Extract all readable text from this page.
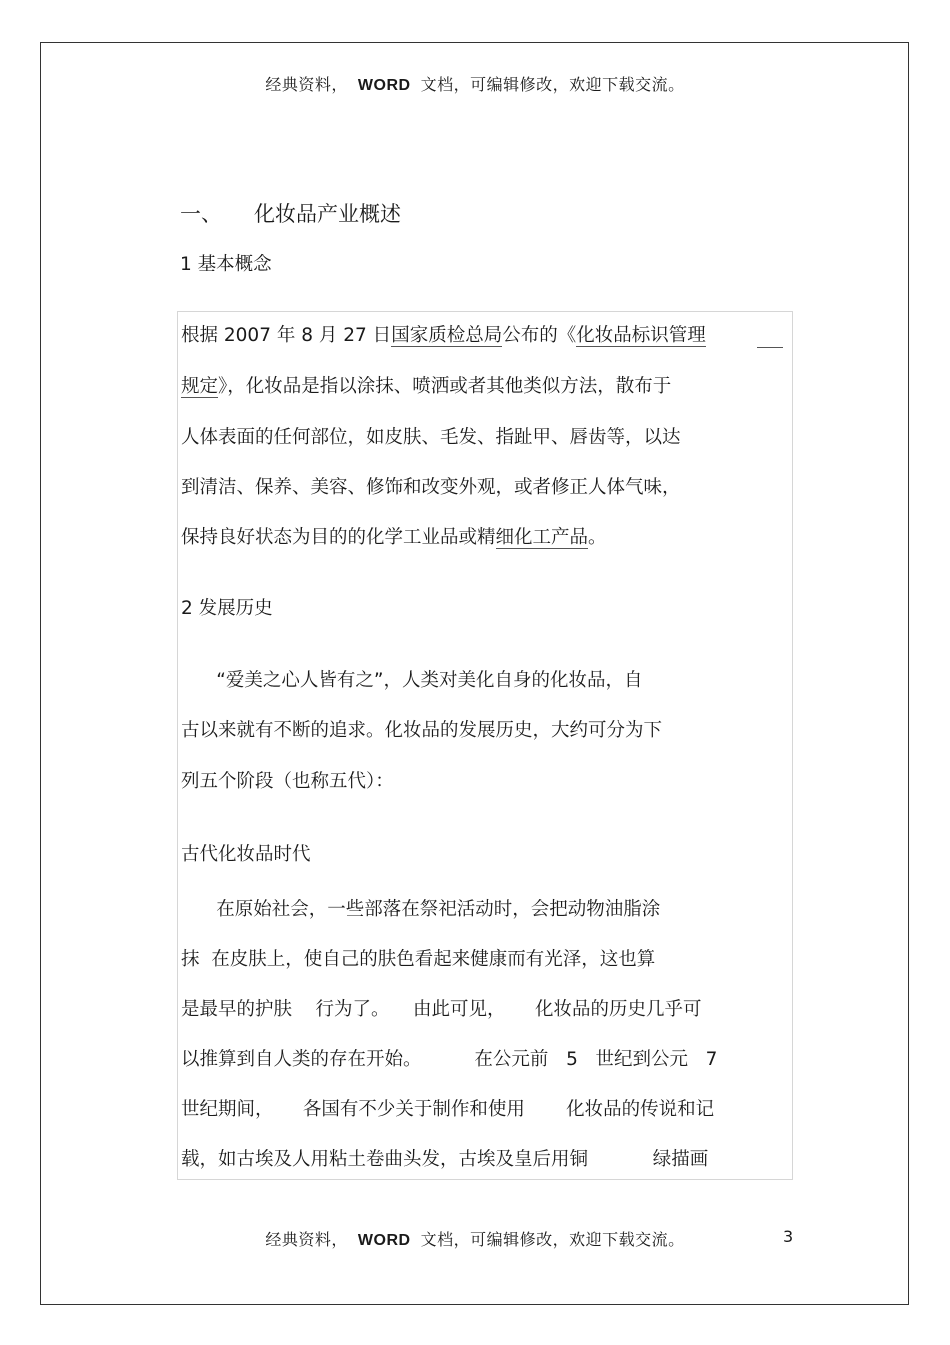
经典资料， WORD 文档，可编辑修改，欢迎下载交流。
一、 化妆品产业概述
1 基本概念
根据 2007 年 8 月 27 日国家质检总局公布的《化妆品标识管理
规定》，化妆品是指以涂抹、喷洒或者其他类似方法，散布于
人体表面的任何部位，如皮肤、毛发、指趾甲、唇齿等，以达
到清洁、保养、美容、修饰和改变外观，或者修正人体气味，
保持良好状态为目的的化学工业品或精细化工产品。
2 发展历史
“爱美之心人皆有之”，人类对美化自身的化妆品，自
古以来就有不断的追求。化妆品的发展历史，大约可分为下
列五个阶段（也称五代）：
古代化妆品时代
在原始社会，一些部落在祭祀活动时，会把动物油脂涂
抹  在皮肤上，使自己的肤色看起来健康而有光泽，这也算
是最早的护肤    行为了。    由此可见，     化妆品的历史几乎可
以推算到自人类的存在开始。         在公元前   5   世纪到公元   7
世纪期间，     各国有不少关于制作和使用       化妆品的传说和记
载，如古埃及人用粘土卷曲头发，古埃及皇后用铜           绿描画
经典资料， WORD 文档，可编辑修改，欢迎下载交流。	3
